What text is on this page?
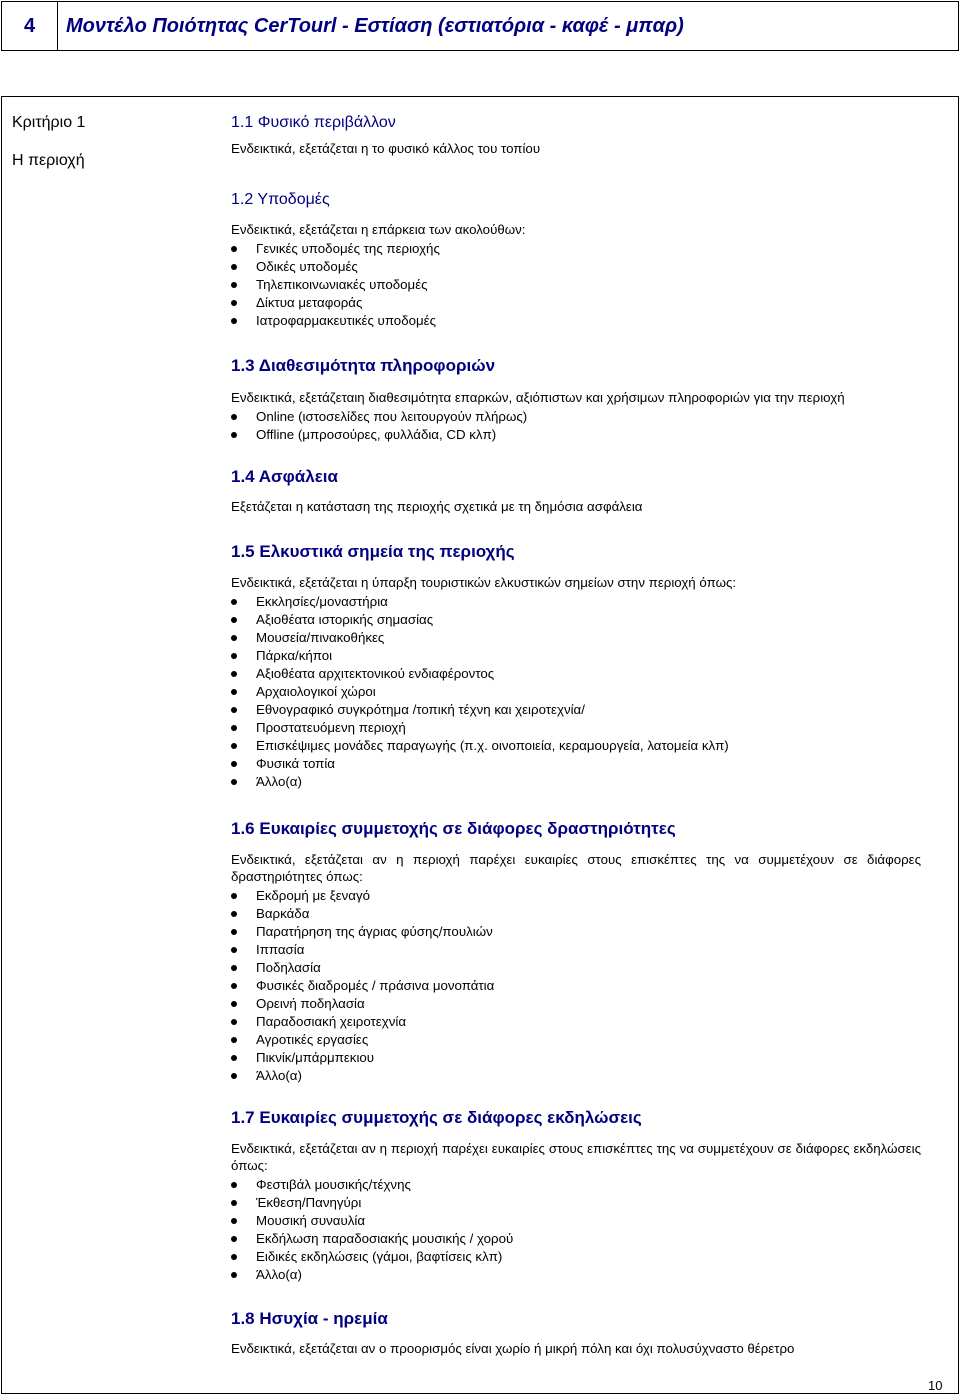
4	Μοντέλο Ποιότητας CerTourl - Εστίαση (εστιατόρια - καφέ - μπαρ)
Κριτήριο 1
Η περιοχή
1.1 Φυσικό περιβάλλον
Ενδεικτικά, εξετάζεται η το φυσικό κάλλος του τοπίου
1.2 Υποδομές
Ενδεικτικά, εξετάζεται η επάρκεια των ακολούθων:
Γενικές υποδομές της περιοχής
Οδικές υποδομές
Τηλεπικοινωνιακές υποδομές
Δίκτυα μεταφοράς
Ιατροφαρμακευτικές υποδομές
1.3 Διαθεσιμότητα πληροφοριών
Ενδεικτικά, εξετάζεταιη διαθεσιμότητα επαρκών, αξιόπιστων και χρήσιμων πληροφοριών για την περιοχή
Online (ιστοσελίδες που λειτουργούν πλήρως)
Offline (μπροσούρες, φυλλάδια, CD κλπ)
1.4 Ασφάλεια
Εξετάζεται η κατάσταση της περιοχής σχετικά με τη δημόσια ασφάλεια
1.5 Ελκυστικά σημεία της περιοχής
Ενδεικτικά, εξετάζεται η ύπαρξη τουριστικών ελκυστικών σημείων στην περιοχή όπως:
Εκκλησίες/μοναστήρια
Αξιοθέατα ιστορικής σημασίας
Μουσεία/πινακοθήκες
Πάρκα/κήποι
Αξιοθέατα αρχιτεκτονικού ενδιαφέροντος
Αρχαιολογικοί χώροι
Εθνογραφικό συγκρότημα /τοπική τέχνη και χειροτεχνία/
Προστατευόμενη περιοχή
Επισκέψιμες μονάδες παραγωγής (π.χ. οινοποιεία, κεραμουργεία, λατομεία κλπ)
Φυσικά τοπία
Άλλο(α)
1.6 Ευκαιρίες συμμετοχής σε διάφορες δραστηριότητες
Ενδεικτικά, εξετάζεται αν η περιοχή παρέχει ευκαιρίες στους επισκέπτες της να συμμετέχουν σε διάφορες δραστηριότητες όπως:
Εκδρομή με ξεναγό
Βαρκάδα
Παρατήρηση της άγριας φύσης/πουλιών
Ιππασία
Ποδηλασία
Φυσικές διαδρομές / πράσινα μονοπάτια
Ορεινή ποδηλασία
Παραδοσιακή χειροτεχνία
Αγροτικές εργασίες
Πικνίκ/μπάρμπεκιου
Άλλο(α)
1.7 Ευκαιρίες συμμετοχής σε διάφορες εκδηλώσεις
Ενδεικτικά, εξετάζεται αν η περιοχή παρέχει ευκαιρίες στους επισκέπτες της να συμμετέχουν σε διάφορες εκδηλώσεις όπως:
Φεστιβάλ μουσικής/τέχνης
Έκθεση/Πανηγύρι
Μουσική συναυλία
Εκδήλωση παραδοσιακής μουσικής / χορού
Ειδικές εκδηλώσεις (γάμοι, βαφτίσεις κλπ)
Άλλο(α)
1.8 Ησυχία - ηρεμία
Ενδεικτικά, εξετάζεται αν ο προορισμός είναι χωρίο ή μικρή πόλη και όχι πολυσύχναστο θέρετρο
10
